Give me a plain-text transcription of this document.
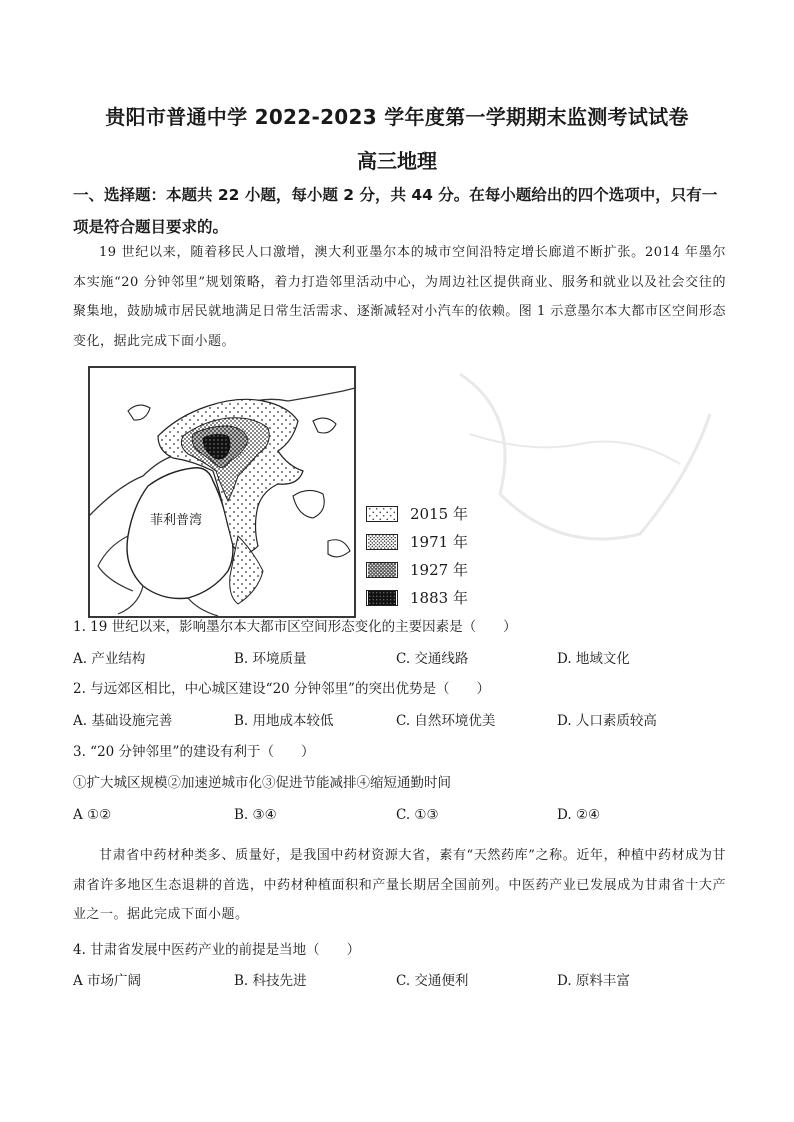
贵阳市普通中学 2022-2023 学年度第一学期期末监测考试试卷
高三地理
一、选择题：本题共 22 小题，每小题 2 分，共 44 分。在每小题给出的四个选项中，只有一
项是符合题目要求的。
19 世纪以来，随着移民人口激增，澳大利亚墨尔本的城市空间沿特定增长廊道不断扩张。2014 年墨尔本实施“20 分钟邻里”规划策略，着力打造邻里活动中心，为周边社区提供商业、服务和就业以及社会交往的聚集地，鼓励城市居民就地满足日常生活需求、逐渐减轻对小汽车的依赖。图 1 示意墨尔本大都市区空间形态变化，据此完成下面小题。
菲利普湾	2015 年
1971 年
1927 年
1883 年
1. 19 世纪以来，影响墨尔本大都市区空间形态变化的主要因素是（　　）
A. 产业结构	B. 环境质量	C. 交通线路	D. 地域文化
2. 与远郊区相比，中心城区建设“20 分钟邻里”的突出优势是（　　）
A. 基础设施完善	B. 用地成本较低	C. 自然环境优美	D. 人口素质较高
3. “20 分钟邻里”的建设有利于（　　）
①扩大城区规模②加速逆城市化③促进节能减排④缩短通勤时间
A ①②	B. ③④	C. ①③	D. ②④
甘肃省中药材种类多、质量好，是我国中药材资源大省，素有“天然药库”之称。近年，种植中药材成为甘肃省许多地区生态退耕的首选，中药材种植面积和产量长期居全国前列。中医药产业已发展成为甘肃省十大产业之一。据此完成下面小题。
4. 甘肃省发展中医药产业的前提是当地（　　）
A 市场广阔	B. 科技先进	C. 交通便利	D. 原料丰富
